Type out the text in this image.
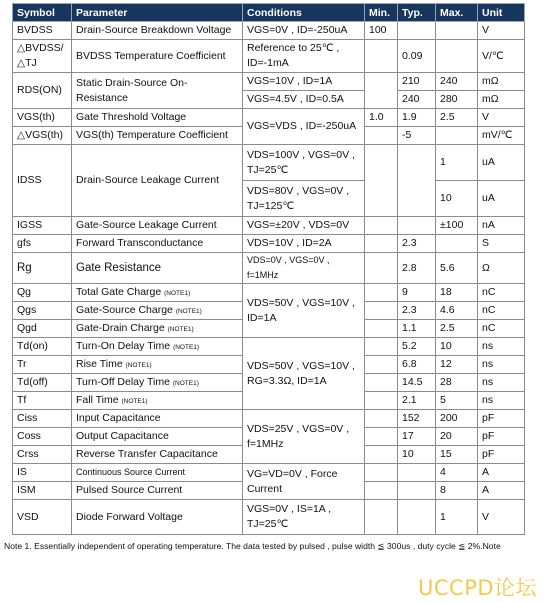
Symbol	Parameter	Conditions	Min.	Typ.	Max.	Unit
BVDSS	Drain-Source Breakdown Voltage	VGS=0V , ID=-250uA	100			V
△BVDSS/△TJ	BVDSS Temperature Coefficient	Reference to 25℃ , ID=-1mA		0.09		V/℃
RDS(ON)	Static Drain-Source On-Resistance	VGS=10V , ID=1A		210	240	mΩ
		VGS=4.5V , ID=0.5A		240	280	mΩ
VGS(th)	Gate Threshold Voltage	VGS=VDS , ID=-250uA	1.0	1.9	2.5	V
△VGS(th)	VGS(th) Temperature Coefficient			-5		mV/℃
IDSS	Drain-Source Leakage Current	VDS=100V , VGS=0V , TJ=25℃			1	uA
		VDS=80V , VGS=0V , TJ=125℃			10	uA
IGSS	Gate-Source Leakage Current	VGS=±20V , VDS=0V			±100	nA
gfs	Forward Transconductance	VDS=10V , ID=2A		2.3		S
Rg	Gate Resistance	VDS=0V , VGS=0V , f=1MHz		2.8	5.6	Ω
Qg	Total Gate Charge (NOTE1)	VDS=50V , VGS=10V , ID=1A		9	18	nC
Qgs	Gate-Source Charge (NOTE1)			2.3	4.6	nC
Qgd	Gate-Drain Charge (NOTE1)			1.1	2.5	nC
Td(on)	Turn-On Delay Time (NOTE1)	VDS=50V , VGS=10V , RG=3.3Ω, ID=1A		5.2	10	ns
Tr	Rise Time (NOTE1)			6.8	12	ns
Td(off)	Turn-Off Delay Time (NOTE1)			14.5	28	ns
Tf	Fall Time (NOTE1)			2.1	5	ns
Ciss	Input Capacitance	VDS=25V , VGS=0V , f=1MHz		152	200	pF
Coss	Output Capacitance			17	20	pF
Crss	Reverse Transfer Capacitance			10	15	pF
IS	Continuous Source Current	VG=VD=0V , Force Current			4	A
ISM	Pulsed Source Current				8	A
VSD	Diode Forward Voltage	VGS=0V , IS=1A , TJ=25℃			1	V
Note 1. Essentially independent of operating temperature. The data tested by pulsed , pulse width ≦ 300us , duty cycle ≦ 2%.Note
UCCPD论坛
